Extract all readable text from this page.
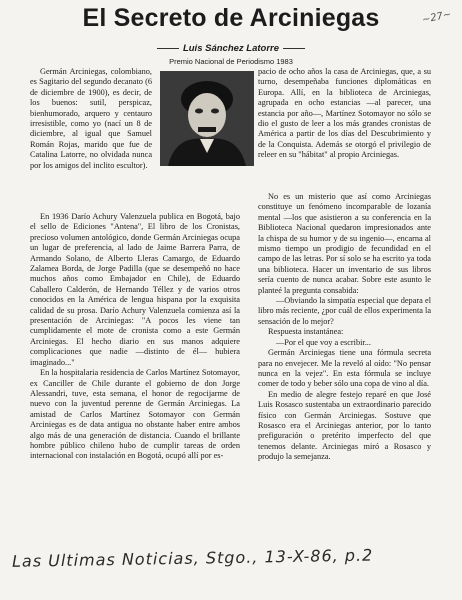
El Secreto de Arciniegas	~27~
Luis Sánchez Latorre
Premio Nacional de Periodismo 1983

Germán Arciniegas, colombiano, es Sagitario del segundo decanato (6 de diciembre de 1900), es decir, de los buenos: sutil, perspicaz, bienhumorado, arquero y centauro irresistible, como yo (nací un 8 de diciembre, al igual que Samuel Román Rojas, marido que fue de Catalina Latorre, no olvidada nunca por los amigos del inclito escultor).

En 1936 Darío Achury Valenzuela publica en Bogotá, bajo el sello de Ediciones "Antena", El libro de los Cronistas, precioso volumen antológico, donde Germán Arciniegas ocupa un lugar de preferencia, al lado de Jaime Barrera Parra, de Armando Solano, de Alberto Lleras Camargo, de Eduardo Zalamea Borda, de Jorge Padilla (que se desempeñó no hace muchos años como Embajador en Chile), de Eduardo Caballero Calderón, de Hernando Téllez y de varios otros conocidos en la América de lengua hispana por la exquisita calidad de su prosa. Darío Achury Valenzuela comienza así la presentación de Arciniegas: "A pocos les viene tan cumplidamente el mote de cronista como a este Germán Arciniegas. El hecho diario en sus manos adquiere complicaciones que nadie —distinto de él— hubiera imaginado..."

En la hospitalaria residencia de Carlos Martínez Sotomayor, ex Canciller de Chile durante el gobierno de don Jorge Alessandri, tuve, esta semana, el honor de regocijarme de nuevo con la juventud perenne de Germán Arciniegas. La amistad de Carlos Martínez Sotomayor con Germán Arciniegas es de data antigua no obstante haber entre ambos algo más de una generación de distancia. Cuando el brillante hombre público chileno hubo de cumplir tareas de orden internacional con instalación en Bogotá, ocupó allí por es-

pacio de ocho años la casa de Arciniegas, que, a su turno, desempeñaba funciones diplomáticas en Europa. Allí, en la biblioteca de Arciniegas, agrupada en ocho estancias —al parecer, una estancia por año—, Martínez Sotomayor no sólo se dio el gusto de leer a los más grandes cronistas de América a partir de los días del Descubrimiento y de la Conquista. Además se otorgó el privilegio de releer en su "hábitat" al propio Arciniegas.

No es un misterio que así como Arciniegas constituye un fenómeno incomparable de lozanía mental —los que asistieron a su conferencia en la Biblioteca Nacional quedaron impresionados ante la chispa de su humor y de su ingenio—, encarna al mismo tiempo un prodigio de fecundidad en el campo de las letras. Por sí solo se ha escrito ya toda una biblioteca. Hacer un inventario de sus libros sería cuento de nunca acabar. Sobre este asunto le planteé la pregunta consabida:

—Obviando la simpatía especial que depara el libro más reciente, ¿por cuál de ellos experimenta la sensación de lo mejor?

Respuesta instantánea:

—Por el que voy a escribir...

Germán Arciniegas tiene una fórmula secreta para no envejecer. Me la reveló al oído: "No pensar nunca en la vejez". En esta fórmula se incluye comer de todo y beber sólo una copa de vino al día.

En medio de alegre festejo reparé en que José Luis Rosasco sustentaba un extraordinario parecido físico con Germán Arciniegas. Sostuve que Rosasco era el Arciniegas anterior, por lo tanto prefiguración o pretérito imperfecto del que tenemos delante. Arciniegas miró a Rosasco y produjo la semejanza.

Las Ultimas Noticias, Stgo., 13-X-86, p.2
